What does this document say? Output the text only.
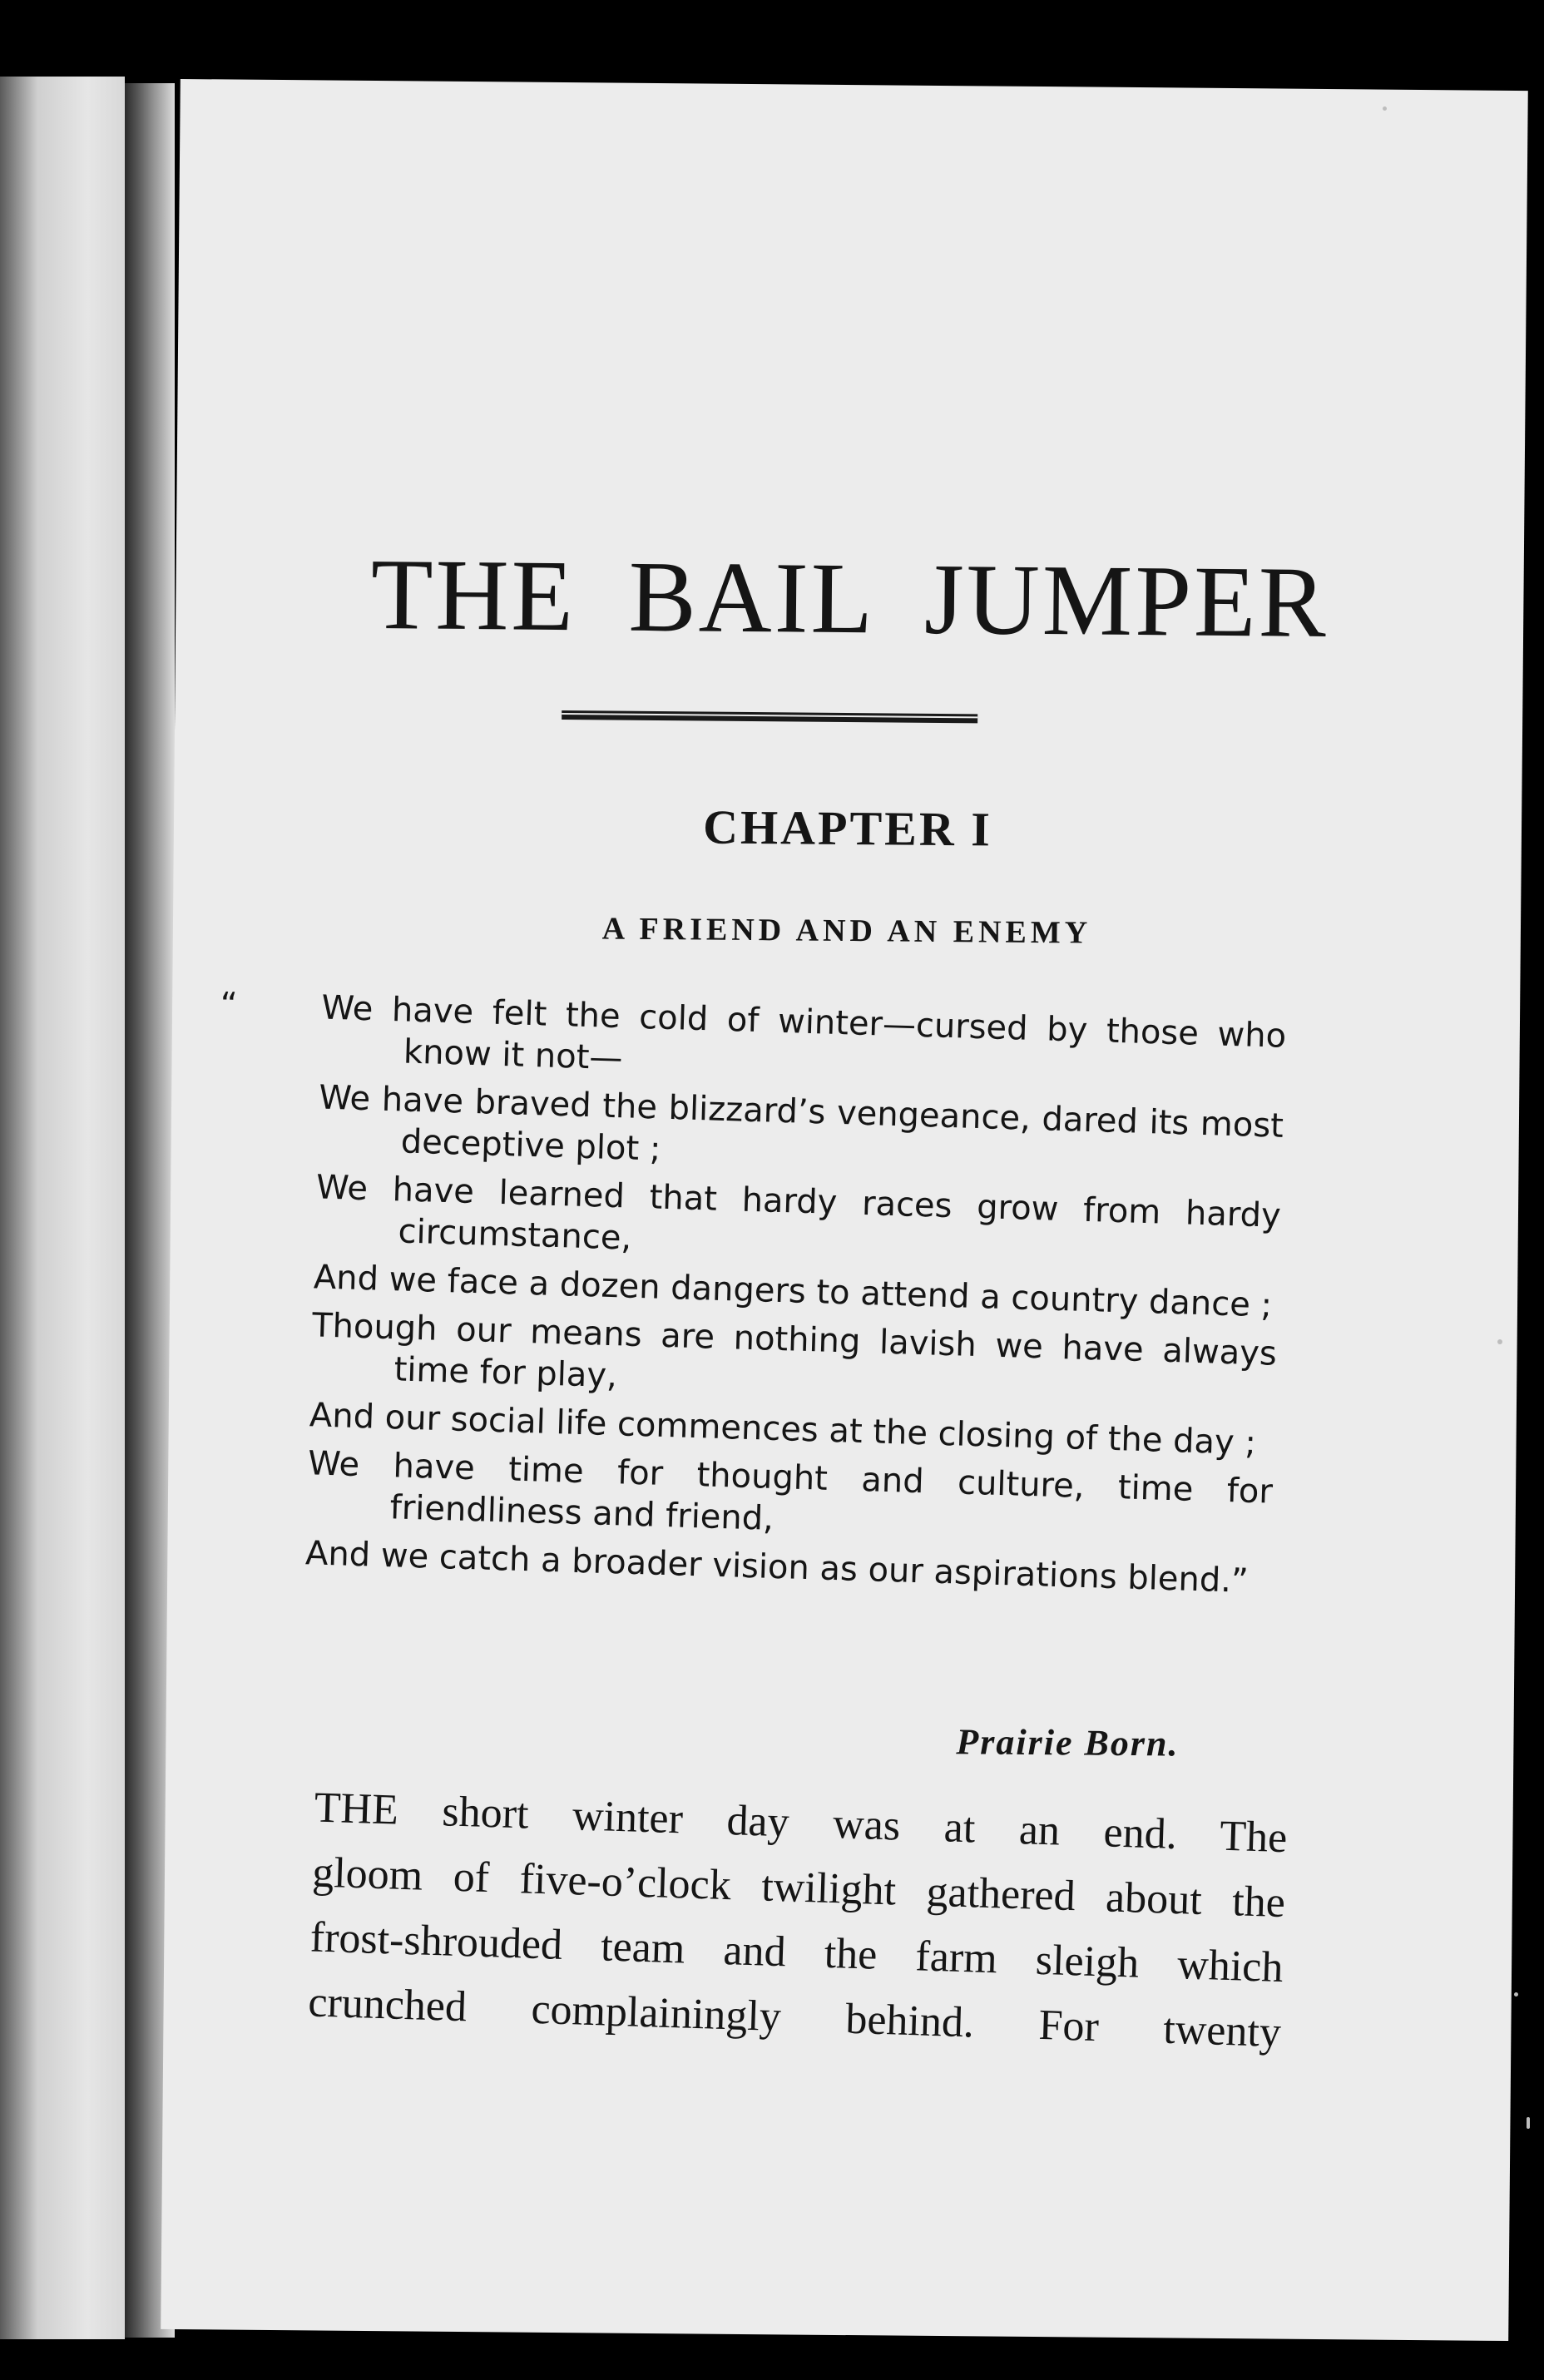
THE BAIL JUMPER
CHAPTER I
A FRIEND AND AN ENEMY
“ We have felt the cold of winter—cursed by those who know it not—
We have braved the blizzard’s vengeance, dared its most deceptive plot ;
We have learned that hardy races grow from hardy circumstance,
And we face a dozen dangers to attend a country dance ;
Though our means are nothing lavish we have always time for play,
And our social life commences at the closing of the day ;
We have time for thought and culture, time for friendliness and friend,
And we catch a broader vision as our aspirations blend.”
Prairie Born.
THE short winter day was at an end. The
gloom of five-o’clock twilight gathered about the
frost-shrouded team and the farm sleigh which
crunched complainingly behind. For twenty
